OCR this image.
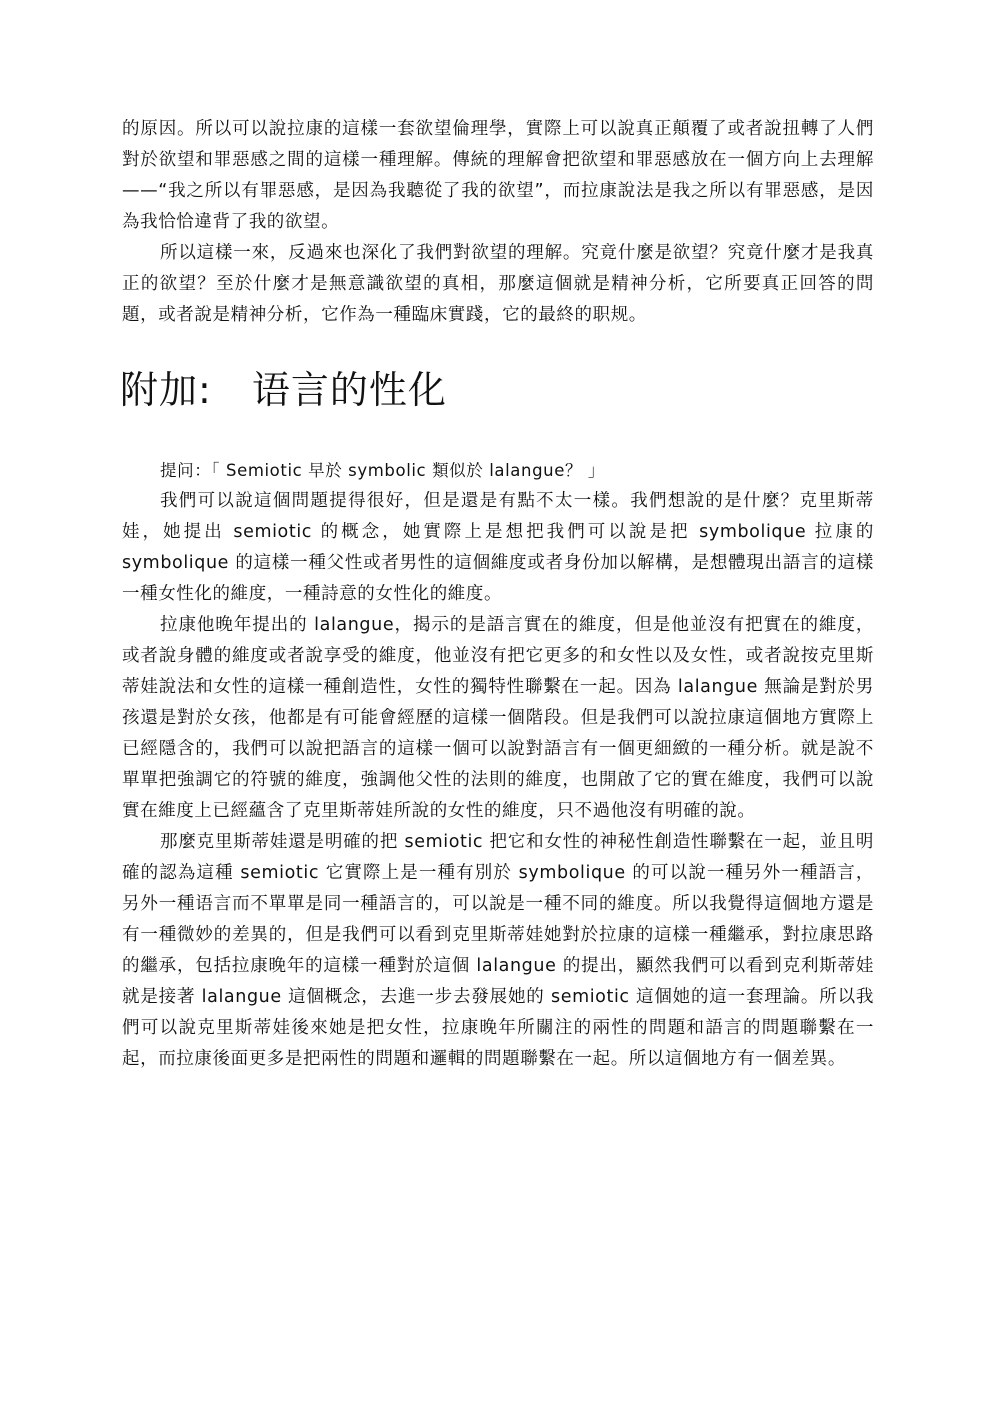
的原因。所以可以說拉康的這樣一套欲望倫理學，實際上可以說真正顛覆了或者說扭轉了人們對於欲望和罪惡感之間的這樣一種理解。傳統的理解會把欲望和罪惡感放在一個方向上去理解——“我之所以有罪惡感，是因為我聽從了我的欲望”，而拉康說法是我之所以有罪惡感，是因為我恰恰違背了我的欲望。

所以這樣一來，反過來也深化了我們對欲望的理解。究竟什麼是欲望？究竟什麼才是我真正的欲望？至於什麼才是無意識欲望的真相，那麼這個就是精神分析，它所要真正回答的問題，或者說是精神分析，它作為一種臨床實踐，它的最終的职规。

附加: 语言的性化

提问：「 Semiotic 早於 symbolic 類似於 lalangue？ 」

我們可以說這個問題提得很好，但是還是有點不太一樣。我們想說的是什麼？克里斯蒂娃，她提出 semiotic 的概念，她實際上是想把我們可以說是把 symbolique 拉康的 symbolique 的這樣一種父性或者男性的這個維度或者身份加以解構，是想體現出語言的這樣一種女性化的維度，一種詩意的女性化的維度。

拉康他晚年提出的 lalangue，揭示的是語言實在的維度，但是他並沒有把實在的維度，或者說身體的維度或者說享受的維度，他並沒有把它更多的和女性以及女性，或者說按克里斯蒂娃說法和女性的這樣一種創造性，女性的獨特性聯繫在一起。因為 lalangue 無論是對於男孩還是對於女孩，他都是有可能會經歷的這樣一個階段。但是我們可以說拉康這個地方實際上已經隱含的，我們可以說把語言的這樣一個可以說對語言有一個更細緻的一種分析。就是說不單單把強調它的符號的維度，強調他父性的法則的維度，也開啟了它的實在維度，我們可以說實在維度上已經蘊含了克里斯蒂娃所說的女性的維度，只不過他沒有明確的說。

那麼克里斯蒂娃還是明確的把 semiotic 把它和女性的神秘性創造性聯繫在一起，並且明確的認為這種 semiotic 它實際上是一種有別於 symbolique 的可以說一種另外一種語言，另外一種语言而不單單是同一種語言的，可以說是一種不同的維度。所以我覺得這個地方還是有一種微妙的差異的，但是我們可以看到克里斯蒂娃她對於拉康的這樣一種繼承，對拉康思路的繼承，包括拉康晚年的這樣一種對於這個 lalangue 的提出，顯然我們可以看到克利斯蒂娃就是接著 lalangue 這個概念，去進一步去發展她的 semiotic 這個她的這一套理論。所以我們可以說克里斯蒂娃後來她是把女性，拉康晚年所關注的兩性的問題和語言的問題聯繫在一起，而拉康後面更多是把兩性的問題和邏輯的問題聯繫在一起。所以這個地方有一個差異。
